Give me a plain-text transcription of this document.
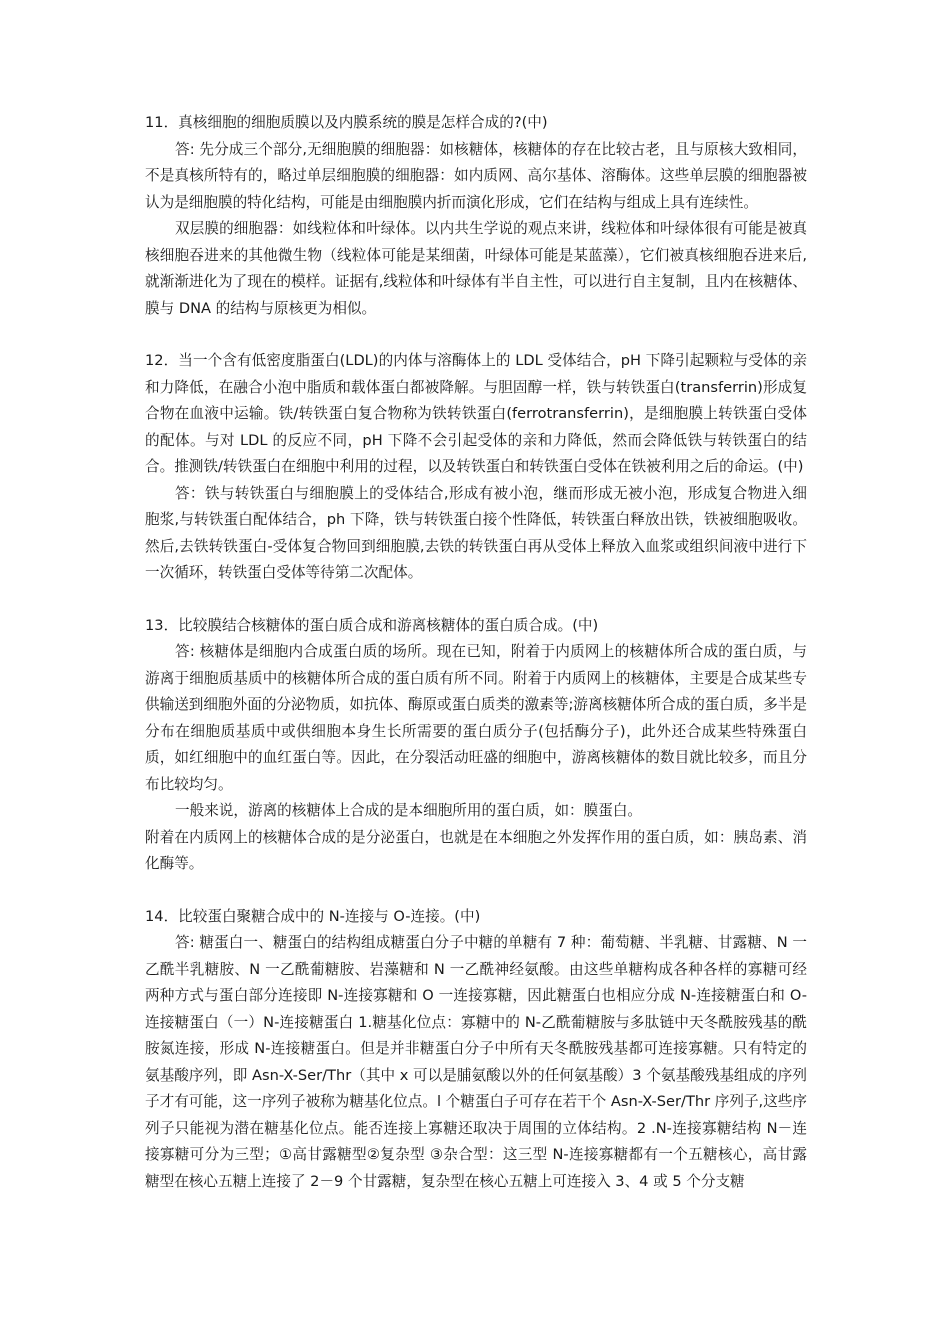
11．真核细胞的细胞质膜以及内膜系统的膜是怎样合成的?(中)

答: 先分成三个部分,无细胞膜的细胞器：如核糖体，核糖体的存在比较古老，且与原核大致相同，不是真核所特有的，略过单层细胞膜的细胞器：如内质网、高尔基体、溶酶体。这些单层膜的细胞器被认为是细胞膜的特化结构，可能是由细胞膜内折而演化形成，它们在结构与组成上具有连续性。

双层膜的细胞器：如线粒体和叶绿体。以内共生学说的观点来讲，线粒体和叶绿体很有可能是被真核细胞吞进来的其他微生物（线粒体可能是某细菌，叶绿体可能是某蓝藻），它们被真核细胞吞进来后,就渐渐进化为了现在的模样。证据有,线粒体和叶绿体有半自主性，可以进行自主复制，且内在核糖体、膜与 DNA 的结构与原核更为相似。

12．当一个含有低密度脂蛋白(LDL)的内体与溶酶体上的 LDL 受体结合，pH 下降引起颗粒与受体的亲和力降低，在融合小泡中脂质和载体蛋白都被降解。与胆固醇一样，铁与转铁蛋白(transferrin)形成复合物在血液中运输。铁/转铁蛋白复合物称为铁转铁蛋白(ferrotransferrin)，是细胞膜上转铁蛋白受体的配体。与对 LDL 的反应不同，pH 下降不会引起受体的亲和力降低，然而会降低铁与转铁蛋白的结合。推测铁/转铁蛋白在细胞中利用的过程，以及转铁蛋白和转铁蛋白受体在铁被利用之后的命运。(中)

答：铁与转铁蛋白与细胞膜上的受体结合,形成有被小泡，继而形成无被小泡，形成复合物进入细胞浆,与转铁蛋白配体结合，ph 下降，铁与转铁蛋白接个性降低，转铁蛋白释放出铁，铁被细胞吸收。然后,去铁转铁蛋白-受体复合物回到细胞膜,去铁的转铁蛋白再从受体上释放入血浆或组织间液中进行下一次循环，转铁蛋白受体等待第二次配体。

13．比较膜结合核糖体的蛋白质合成和游离核糖体的蛋白质合成。(中)

答: 核糖体是细胞内合成蛋白质的场所。现在已知，附着于内质网上的核糖体所合成的蛋白质，与游离于细胞质基质中的核糖体所合成的蛋白质有所不同。附着于内质网上的核糖体，主要是合成某些专供输送到细胞外面的分泌物质，如抗体、酶原或蛋白质类的激素等;游离核糖体所合成的蛋白质，多半是分布在细胞质基质中或供细胞本身生长所需要的蛋白质分子(包括酶分子)，此外还合成某些特殊蛋白质，如红细胞中的血红蛋白等。因此，在分裂活动旺盛的细胞中，游离核糖体的数目就比较多，而且分布比较均匀。

一般来说，游离的核糖体上合成的是本细胞所用的蛋白质，如：膜蛋白。

附着在内质网上的核糖体合成的是分泌蛋白，也就是在本细胞之外发挥作用的蛋白质，如：胰岛素、消化酶等。

14．比较蛋白聚糖合成中的 N-连接与 O-连接。(中)

答: 糖蛋白一、糖蛋白的结构组成糖蛋白分子中糖的单糖有 7 种：葡萄糖、半乳糖、甘露糖、N 一乙酰半乳糖胺、N 一乙酰葡糖胺、岩藻糖和 N 一乙酰神经氨酸。由这些单糖构成各种各样的寡糖可经两种方式与蛋白部分连接即 N-连接寡糖和 O 一连接寡糖，因此糖蛋白也相应分成 N-连接糖蛋白和 O-连接糖蛋白（一）N-连接糖蛋白 1.糖基化位点：寡糖中的 N-乙酰葡糖胺与多肽链中天冬酰胺残基的酰胺氮连接，形成 N-连接糖蛋白。但是并非糖蛋白分子中所有天冬酰胺残基都可连接寡糖。只有特定的氨基酸序列，即 Asn-X-Ser/Thr（其中 x 可以是脯氨酸以外的任何氨基酸）3 个氨基酸残基组成的序列子才有可能，这一序列子被称为糖基化位点。l 个糖蛋白子可存在若干个 Asn-X-Ser/Thr 序列子,这些序列子只能视为潜在糖基化位点。能否连接上寡糖还取决于周围的立体结构。2 .N-连接寡糖结构 N－连接寡糖可分为三型；①高甘露糖型②复杂型 ③杂合型：这三型 N-连接寡糖都有一个五糖核心，高甘露糖型在核心五糖上连接了 2－9 个甘露糖，复杂型在核心五糖上可连接入 3、4 或 5 个分支糖
